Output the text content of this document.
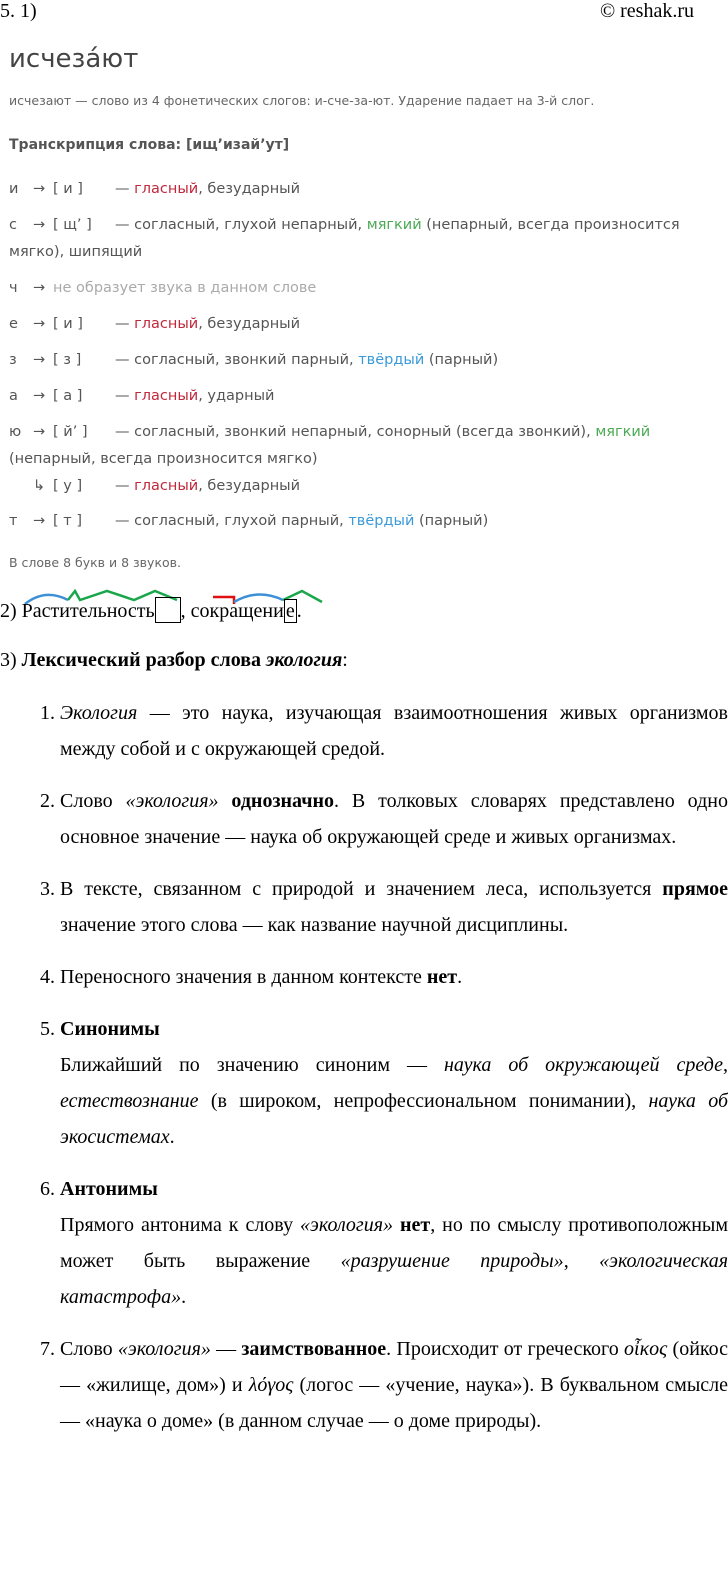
5. 1)	© reshak.ru
исчеза́ют
исчезают — слово из 4 фонетических слогов: и-сче-за-ют. Ударение падает на 3-й слог.
Транскрипция слова: [ищ’изай’ут]
и → [ и ] — гласный, безударный
с → [ щ’ ] — согласный, глухой непарный, мягкий (непарный, всегда произносится мягко), шипящий
ч → не образует звука в данном слове
е → [ и ] — гласный, безударный
з → [ з ] — согласный, звонкий парный, твёрдый (парный)
а → [ а ] — гласный, ударный
ю → [ й’ ] — согласный, звонкий непарный, сонорный (всегда звонкий), мягкий (непарный, всегда произносится мягко)
↳ [ у ] — гласный, безударный
т → [ т ] — согласный, глухой парный, твёрдый (парный)
В слове 8 букв и 8 звуков.
2) Растительность , сокращени е .
3) Лексический разбор слова экология:
1. Экология — это наука, изучающая взаимоотношения живых организмов между собой и с окружающей средой.
2. Слово «экология» однозначно. В толковых словарях представлено одно основное значение — наука об окружающей среде и живых организмах.
3. В тексте, связанном с природой и значением леса, используется прямое значение этого слова — как название научной дисциплины.
4. Переносного значения в данном контексте нет.
5. Синонимы
Ближайший по значению синоним — наука об окружающей среде, естествознание (в широком, непрофессиональном понимании), наука об экосистемах.
6. Антонимы
Прямого антонима к слову «экология» нет, но по смыслу противоположным может быть выражение «разрушение природы», «экологическая катастрофа».
7. Слово «экология» — заимствованное. Происходит от греческого οἶκος (ойкос — «жилище, дом») и λόγος (логос — «учение, наука»). В буквальном смысле — «наука о доме» (в данном случае — о доме природы).
